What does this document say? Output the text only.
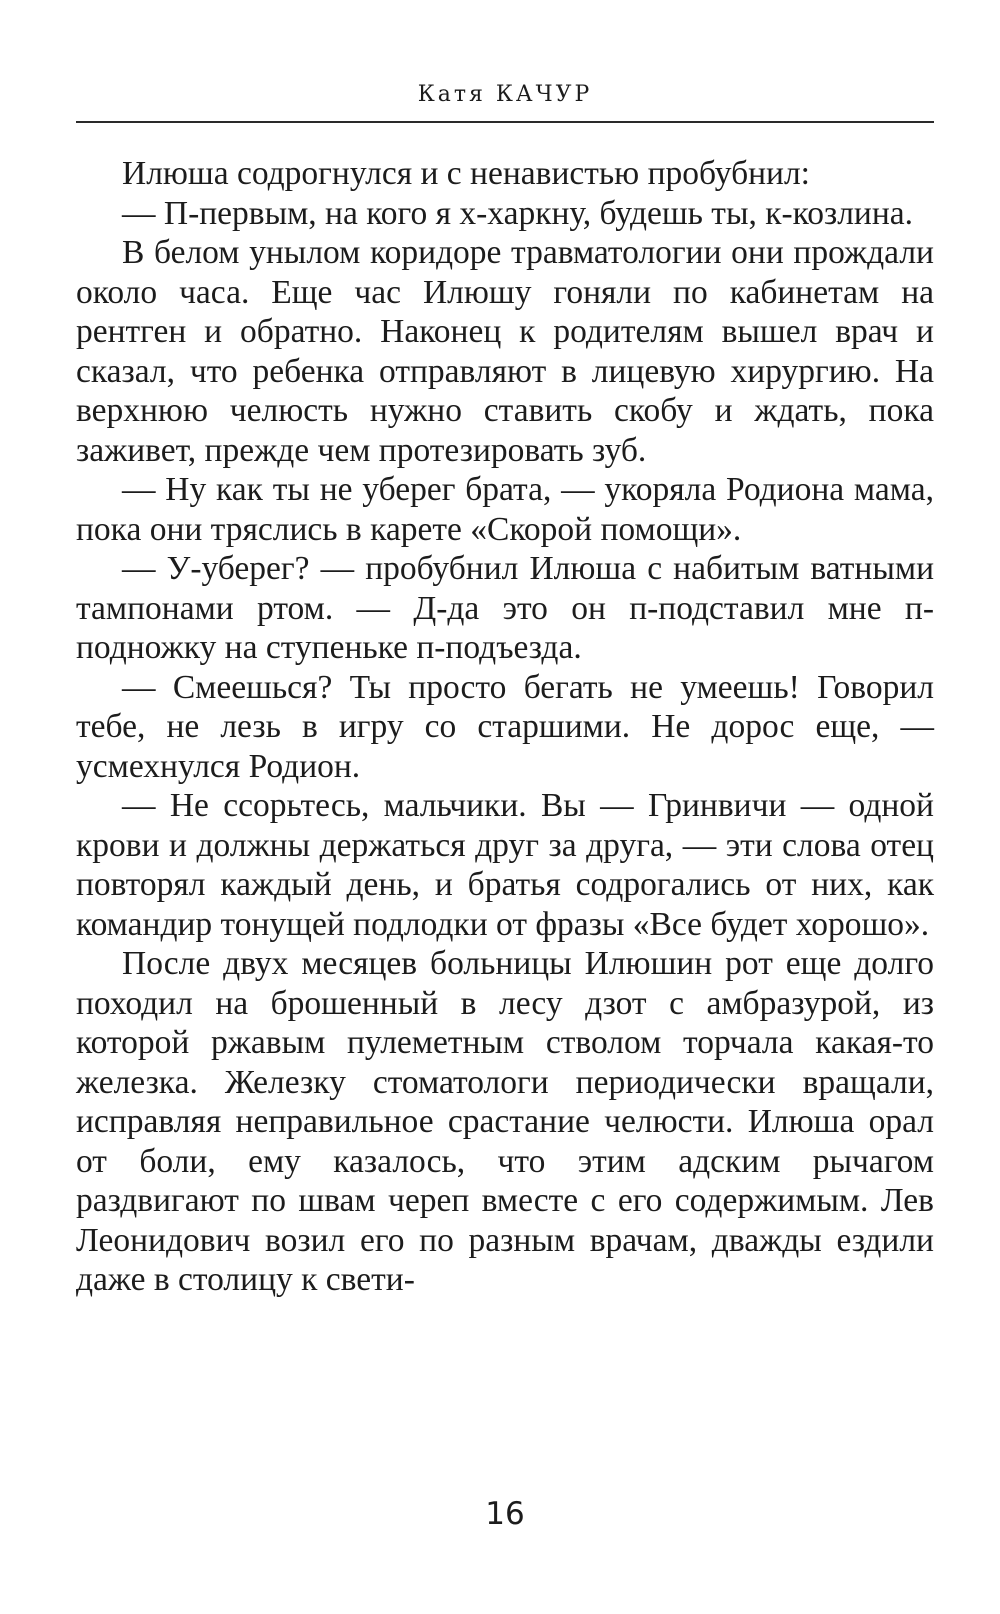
Катя КАЧУР

Илюша содрогнулся и с ненавистью пробубнил:

— П-первым, на кого я х-харкну, будешь ты, к-козлина.

В белом унылом коридоре травматологии они прождали около часа. Еще час Илюшу гоняли по кабинетам на рентген и обратно. Наконец к родителям вышел врач и сказал, что ребенка отправляют в лицевую хирургию. На верхнюю челюсть нужно ставить скобу и ждать, пока заживет, прежде чем протезировать зуб.

— Ну как ты не уберег брата, — укоряла Родиона мама, пока они тряслись в карете «Скорой помощи».

— У-уберег? — пробубнил Илюша с набитым ватными тампонами ртом. — Д-да это он п-подставил мне п-подножку на ступеньке п-подъезда.

— Смеешься? Ты просто бегать не умеешь! Говорил тебе, не лезь в игру со старшими. Не дорос еще, — усмехнулся Родион.

— Не ссорьтесь, мальчики. Вы — Гринвичи — одной крови и должны держаться друг за друга, — эти слова отец повторял каждый день, и братья содрогались от них, как командир тонущей подлодки от фразы «Все будет хорошо».

После двух месяцев больницы Илюшин рот еще долго походил на брошенный в лесу дзот с амбразурой, из которой ржавым пулеметным стволом торчала какая-то железка. Железку стоматологи периодически вращали, исправляя неправильное срастание челюсти. Илюша орал от боли, ему казалось, что этим адским рычагом раздвигают по швам череп вместе с его содержимым. Лев Леонидович возил его по разным врачам, дважды ездили даже в столицу к свети-

16
